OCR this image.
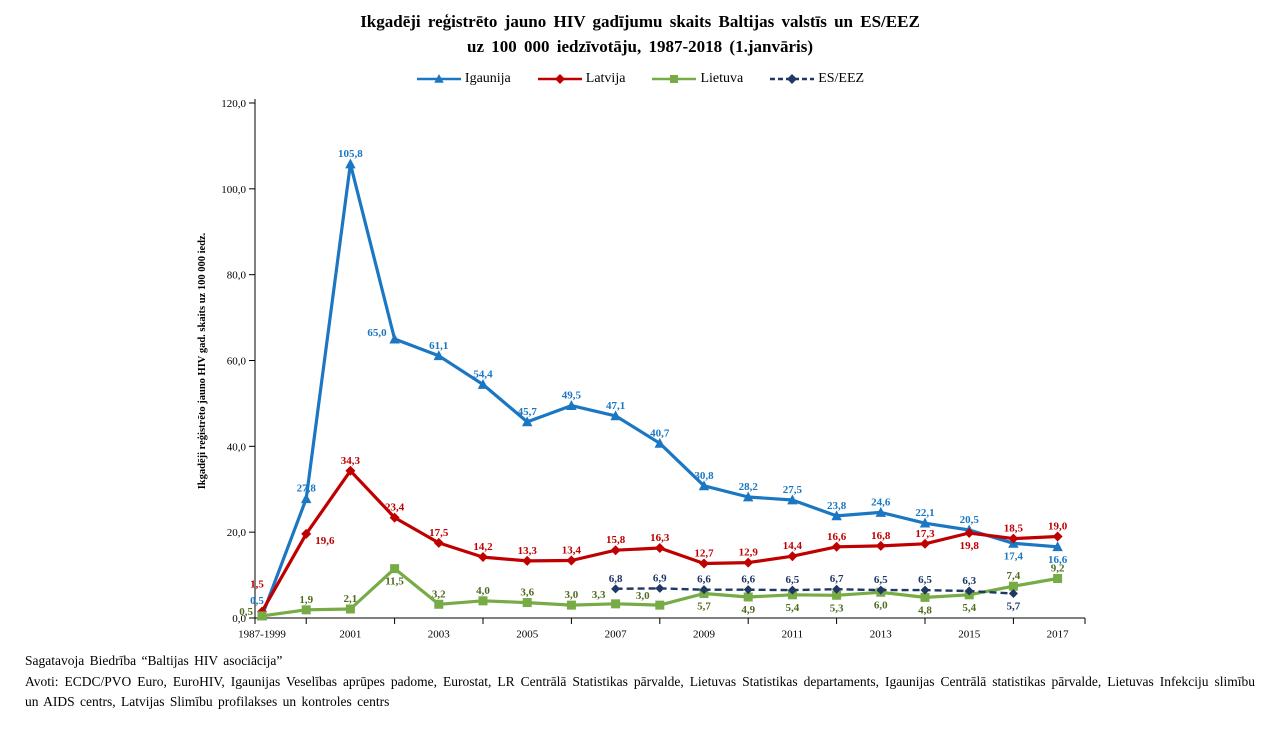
Ikgadēji reģistrēto jauno HIV gadījumu skaits Baltijas valstīs un ES/EEZ
uz 100 000 iedzīvotāju, 1987-2018 (1.janvāris)
Igaunija	Latvija	Lietuva	ES/EEZ
0,0
20,0
40,0
60,0
80,0
100,0
120,0
1987-1999	2001	2003	2005	2007	2009	2011	2013	2015	2017
Ikgadēji reģistrēto jauno HIV gad. skaits uz 100 000 iedz.
0,5
27,8
105,8
65,0
61,1
54,4
45,7
49,5
47,1
40,7
30,8
28,2 27,5
23,8 24,6
22,1
20,5
17,4 16,6
1,5
19,6
34,3
23,4
17,5
14,2 13,3 13,4
15,8 16,3
12,7 12,9
14,4
16,6 16,8 17,3
19,8
18,5 19,0
0,5
1,9	2,1
11,5
3,2	4,0	3,6	3,0 3,3	3,0
5,7	4,9	5,4	5,3	6,0	4,8	5,4
7,4
9,2
6,8	6,9	6,6	6,6	6,5	6,7	6,5	6,5	6,3
5,7

Sagatavoja Biedrība “Baltijas HIV asociācija”

Avoti: ECDC/PVO Euro, EuroHIV, Igaunijas Veselības aprūpes padome, Eurostat, LR Centrālā Statistikas pārvalde, Lietuvas Statistikas departaments, Igaunijas Centrālā statistikas pārvalde, Lietuvas Infekciju slimību un AIDS centrs, Latvijas Slimību profilakses un kontroles centrs
